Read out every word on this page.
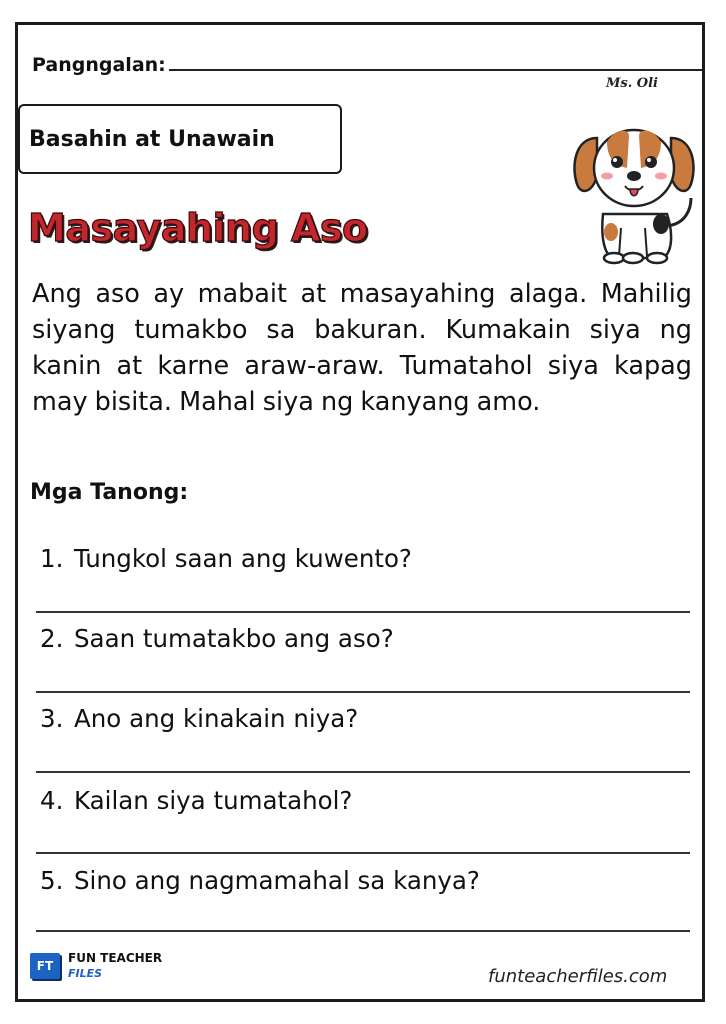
Pangngalan:
Ms. Oli
Basahin at Unawain
Masayahing Aso
Ang aso ay mabait at masayahing alaga. Mahilig siyang tumakbo sa bakuran. Kumakain siya ng kanin at karne araw-araw. Tumatahol siya kapag may bisita. Mahal siya ng kanyang amo.
Mga Tanong:
1. Tungkol saan ang kuwento?
2. Saan tumatakbo ang aso?
3. Ano ang kinakain niya?
4. Kailan siya tumatahol?
5. Sino ang nagmamahal sa kanya?
FT
FUN TEACHER
FILES	funteacherfiles.com
